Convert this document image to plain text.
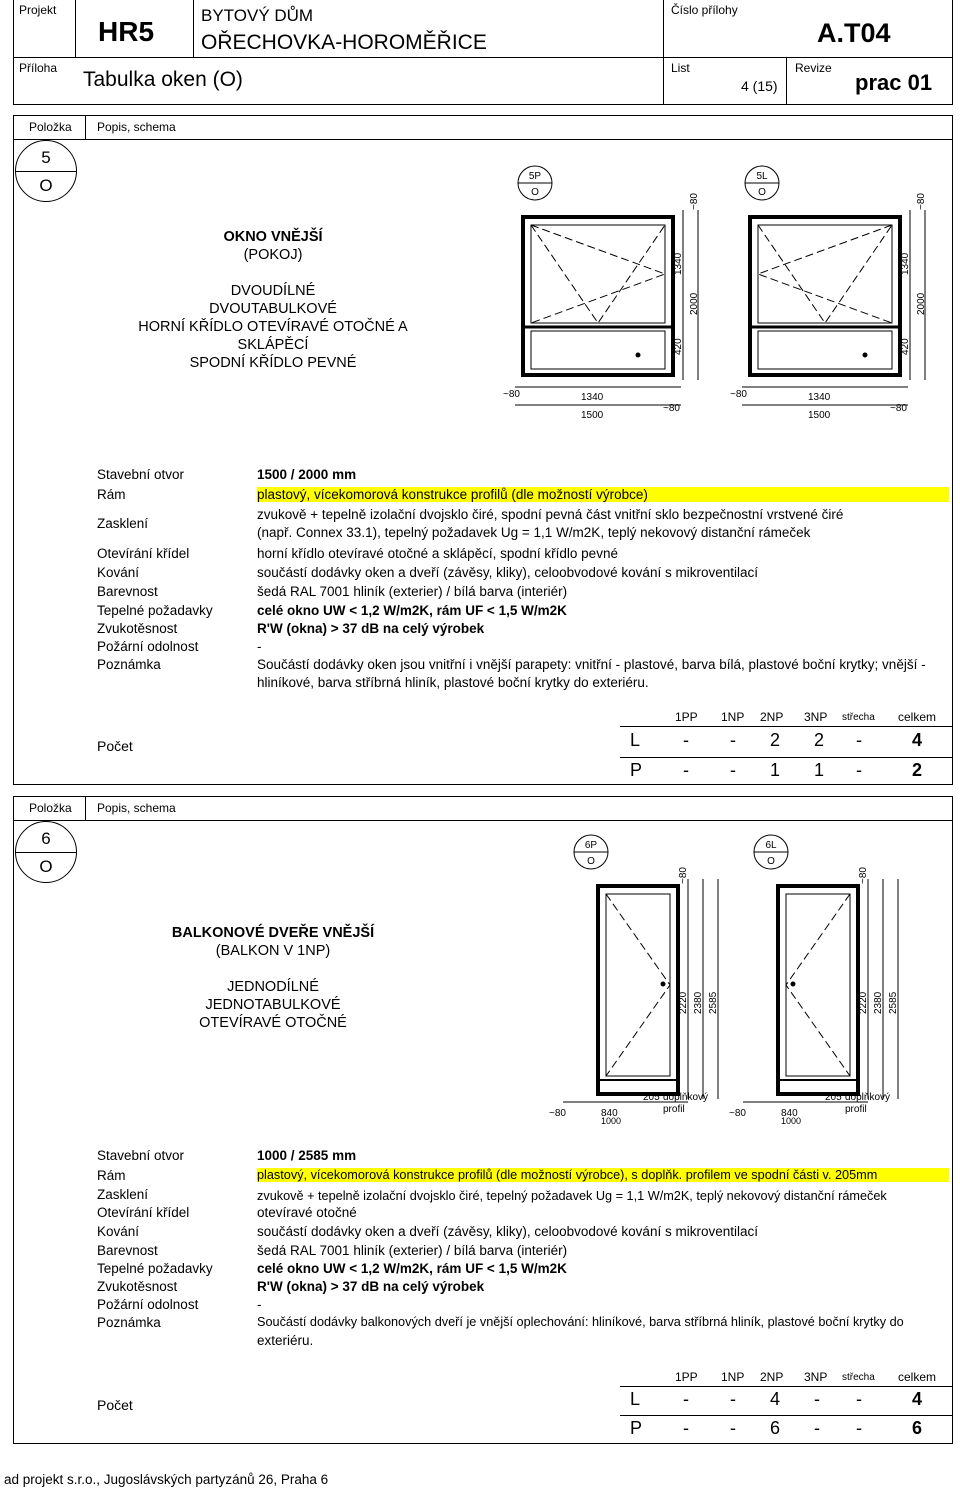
Projekt
HR5
BYTOVÝ DŮM
OŘECHOVKA-HOROMĚŘICE
Číslo přílohy
A.T04
Příloha Tabulka oken (O)	List
4 (15)
Revize
prac 01
Položka Popis, schema
5
O
OKNO VNĚJŠÍ
(POKOJ)
DVOUDÍLNÉ
DVOUTABULKOVÉ
HORNÍ KŘÍDLO OTEVÍRAVÉ OTOČNÉ A
SKLÁPĚCÍ
SPODNÍ KŘÍDLO PEVNÉ
5P
O
1340
1500
~80
~80
1340
420
2000
~80
5L
O
1340
1500
~80
~80
1340
420
2000
~80
Stavební otvor	1500 / 2000 mm
Rám	plastový, vícekomorová konstrukce profilů (dle možností výrobce)
Zasklení
zvukově + tepelně izolační dvojsklo čiré, spodní pevná část vnitřní sklo bezpečnostní vrstvené čiré
(např. Connex 33.1), tepelný požadavek Ug = 1,1 W/m2K, teplý nekovový distanční rámeček
Otevírání křídel	horní křídlo otevíravé otočné a sklápěcí, spodní křídlo pevné
Kování	součástí dodávky oken a dveří (závěsy, kliky), celoobvodové kování s mikroventilací
Barevnost	šedá RAL 7001 hliník (exterier) / bílá barva (interiér)
Tepelné požadavky	celé okno UW < 1,2 W/m2K, rám UF < 1,5 W/m2K
Zvukotěsnost	R'W (okna) > 37 dB na celý výrobek
Požární odolnost	-
Poznámka	Součástí dodávky oken jsou vnitřní i vnější parapety: vnitřní - plastové, barva bílá, plastové boční krytky; vnější -
hliníkové, barva stříbrná hliník, plastové boční krytky do exteriéru.
Počet
1PP 1NP 2NP 3NP střecha celkem
L - - 2 2 -	4
P - - 1 1 -	2
Položka Popis, schema
6
O
BALKONOVÉ DVEŘE VNĚJŠÍ
(BALKON V 1NP)
JEDNODÍLNÉ
JEDNOTABULKOVÉ
OTEVÍRAVÉ OTOČNÉ
6P
O
840
1000
~80
2220 2380 2585
~80
doplňkový profil
205
6L
O
840
1000
~80
2220 2380 2585
~80
doplňkový profil
205
Stavební otvor	1000 / 2585 mm
Rám	plastový, vícekomorová konstrukce profilů (dle možností výrobce), s doplňk. profilem ve spodní části v. 205mm
Zasklení	zvukově + tepelně izolační dvojsklo čiré, tepelný požadavek Ug = 1,1 W/m2K, teplý nekovový distanční rámeček
Otevírání křídel	otevíravé otočné
Kování	součástí dodávky oken a dveří (závěsy, kliky), celoobvodové kování s mikroventilací
Barevnost	šedá RAL 7001 hliník (exterier) / bílá barva (interiér)
Tepelné požadavky	celé okno UW < 1,2 W/m2K, rám UF < 1,5 W/m2K
Zvukotěsnost	R'W (okna) > 37 dB na celý výrobek
Požární odolnost	-
Poznámka	Součástí dodávky balkonových dveří je vnější oplechování: hliníkové, barva stříbrná hliník, plastové boční krytky do
exteriéru.
Počet
1PP 1NP 2NP 3NP střecha celkem
L - - 4 - -	4
P - - 6 - -	6
ad projekt s.r.o., Jugoslávských partyzánů 26, Praha 6
